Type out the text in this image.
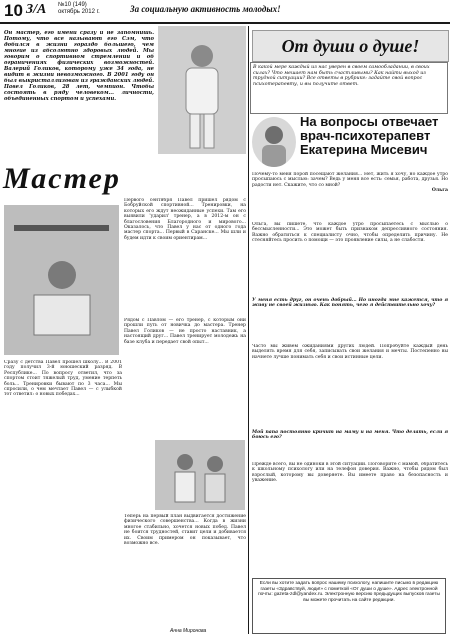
10 З/А №10 (149) октябрь 2012 г.	За социальную активность молодых!
Он мастер, его имени сразу и не запомнишь. Потому, что все называют его Сэм, что добился в жизни гораздо большего, чем многие из абсолютно здоровых людей. Мы говорим о спортивном стремлении и об ограничениях физических возможностей. Валерий Голиков, которому уже 34 года, не видит в жизни невозможного. В 2001 году он был выкристаллизован из гражданских людей. Павел Голиков, 28 лет, чемпион. Чтобы состоять в ряду человеком... личности, объединенных спортом и успехами.
Мастер
Первого сентября Павел пришел рядом с Бобруйской спортивной... Тренировки, на которых его ждут неожиданные успехи. Там его выявили 'ударил' тренер, а в 2012-м он с благословения Благородного и мирового... Оказалось, что Павел у нас от одного года мастер спорта... Первый в Саранске... Мы шли и будем идти к своим ориентирам...
Сразу с детства Павел прошел школу... В 2001 году получил 3-й юношеский разряд. В Республике... По вопросу ответил, что за спортом стоит тяжелый труд, умение терпеть боль... Тренировки бывают по 3 часа... Мы спросили, о чем мечтает Павел — с улыбкой тот ответил: о новых победах...
Рядом с Павлом — его тренер, с которым они прошли путь от новичка до мастера. Тренер Павел Голиков — не просто наставник, а настоящий друг... Павел тренирует молодежь на базе клуба и передает свой опыт...
Теперь на первый план выдвигается достижение физического совершенства... Когда в жизни многое стабильно, хочется новых побед. Павел не боится трудностей, ставит цели и добивается их. Своим примером он показывает, что возможно все.
Анна Миронова
От души о душе!
В какой мере каждый из нас уверен в своем самообладании, в своих силах? Что мешает нам быть счастливыми? Как найти выход из трудной ситуации? Все ответы в рубрике: задайте свой вопрос психотерапевту, и вы получите ответ.
На вопросы отвечает врач-психотерапевт Екатерина Мисевич
Почему-то меня порой посещают желания... Нет, жить я хочу, но каждое утро просыпаюсь с мыслью: зачем? Ведь у меня все есть: семья, работа, друзья. Но радости нет. Скажите, что со мной?
Ольга
Ольга, вы пишете, что каждое утро просыпаетесь с мыслью о бессмысленности... Это может быть признаком депрессивного состояния. Важно обратиться к специалисту очно, чтобы определить причину. Не стесняйтесь просить о помощи — это проявление силы, а не слабости.
У меня есть друг, он очень добрый... Но иногда мне кажется, что я живу не своей жизнью. Как понять, чего я действительно хочу?
Часто мы живем ожиданиями других людей. Попробуйте каждый день выделять время для себя, записывать свои желания и мечты. Постепенно вы начнете лучше понимать себя и свои истинные цели.
Мой папа постоянно кричит на маму и на меня. Что делать, если я боюсь его?
Прежде всего, вы не одиноки в этой ситуации. Поговорите с мамой, обратитесь к школьному психологу или на телефон доверия. Важно, чтобы рядом был взрослый, которому вы доверяете. Вы имеете право на безопасность и уважение.
Если вы хотите задать вопрос нашему психологу, напишите письмо в редакцию газеты «Здравствуй, люди!» с пометкой «От души о душе». Адрес электронной почты: gazeta-zdl@yandex.ru. Электронную версию предыдущих выпусков газеты вы можете прочитать на сайте редакции.
